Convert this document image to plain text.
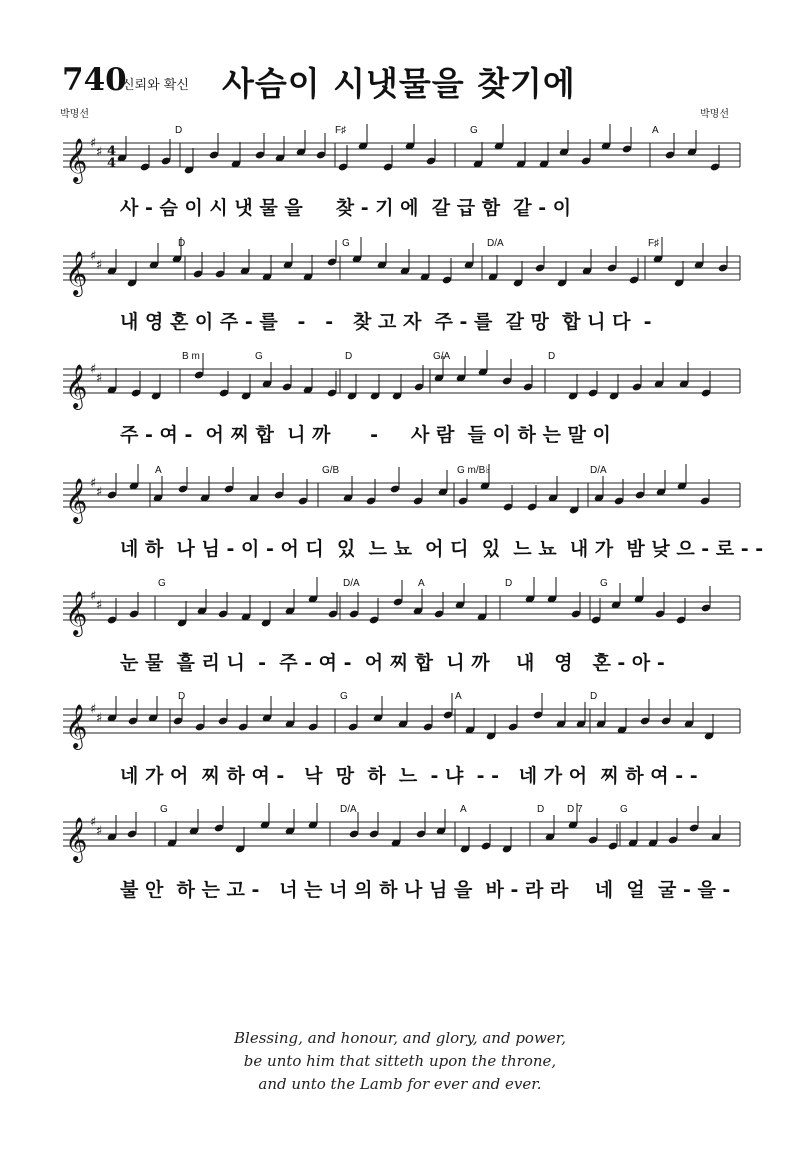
740
신뢰와 확신 사슴이 시냇물을 찾기에
박명선	박명선
𝄞 ♯
♯ 4
4
D	F♯	G	A
사 - 슴 이 시 냇 물 을     찾 - 기 에  갈 급 함  같 - 이
𝄞 ♯
♯
D	G	D/A	F♯
내 영 혼 이 주 - 를   -   -   찾 고 자  주 - 를  갈 망  합 니 다  -
𝄞 ♯
♯
B m	G	D	G/A	D
주 - 여 -  어 찌 합  니 까      -     사 람  들 이 하 는 말 이
𝄞 ♯
♯
A	G/B	G m/B♭	D/A
네 하  나 님 - 이 - 어 디  있  느 뇨  어 디  있  느 뇨  내 가  밤 낮 으 - 로 - -
𝄞 ♯
♯
G	D/A	A	D	G
눈 물  흘 리 니  -  주 - 여 -  어 찌 합  니 까    내   영   혼 - 아 -
𝄞 ♯
♯
D	G	A	D
네 가 어  찌 하 여 -   낙  망  하  느  - 냐  - -   네 가 어  찌 하 여 - -
𝄞 ♯
♯
G	D/A	A	D D 7	G
불 안  하 는 고 -   너 는 너 의 하 나 님 을  바 - 라 라    네  얼  굴 - 을 -
Blessing, and honour, and glory, and power,
be unto him that sitteth upon the throne,
and unto the Lamb for ever and ever.
